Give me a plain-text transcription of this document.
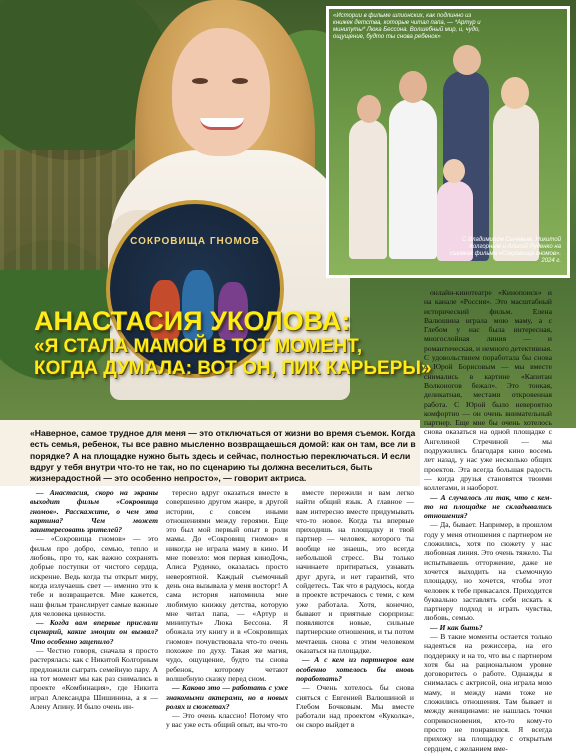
СОКРОВИЩА ГНОМОВ
«Истории в фильме шпионских, как подлинно из книжек детства, которые читал папа, — *Артур и минипуты* Люка Бессона. Волшебный мир, и, чудо, ощущение, будто ты снова ребенок»
С Владимиром Сычевым, Никитой Колгорным и Алисой Руденко на съемках фильма «Сокровища гномов». 2024 г.
АНАСТАСИЯ УКОЛОВА:
«Я СТАЛА МАМОЙ В ТОТ МОМЕНТ,
КОГДА ДУМАЛА: ВОТ ОН, ПИК КАРЬЕРЫ»
«Наверное, самое трудное для меня — это отключаться от жизни во время съемок. Когда есть семья, ребенок, ты все равно мысленно возвращаешься домой: как он там, все ли в порядке? А на площадке нужно быть здесь и сейчас, полностью переключаться. И если вдруг у тебя внутри что-то не так, но по сценарию ты должна веселиться, быть жизнерадостной — это особенно непросто», — говорит актриса.

— Анастасия, скоро на экраны выходит фильм «Сокровища гномов». Расскажите, о чем эта картина? Чем может заинтересовать зрителей?

— «Сокровища гномов» — это фильм про добро, семью, тепло и любовь, про то, как важно сохранять добрые поступки от чистого сердца, искренне. Ведь когда ты открыт миру, когда излучаешь свет — именно это к тебе и возвращается. Мне кажется, наш фильм транслирует самые важные для человека ценности.

— Когда вам впервые прислали сценарий, какие эмоции он вызвал? Что особенно зацепило?

— Честно говоря, сначала я просто растерялась: как с Никитой Колгорным предложили сыграть семейную пару. А на тот момент мы как раз снимались в проекте «Комбинация», где Никита играл Александра Шишинина, а я — Алену Апину. И было очень ин-

тересно вдруг оказаться вместе в совершенно другом жанре, в другой истории, с совсем иными отношениями между героями. Еще это был мой первый опыт в роли мамы. До «Сокровищ гномов» я никогда не играла маму в кино. И мне повезло: моя первая киноДочь, Алиса Руденко, оказалась просто невероятной. Каждый съемочный день она вызывала у меня восторг! А сама история напомнила мне любимую книжку детства, которую мне читал папа, — «Артур и минипуты» Люка Бессона. Я обожала эту книгу и в «Сокровищах гномов» почувствовала что-то очень похожее по духу. Такая же магия, чудо, ощущение, будто ты снова ребенок, которому четают волшебную сказку перед сном.

— Каково это — работать с уже знакомыми актерами, но в новых ролях и сюжетах?

— Это очень классно! Потому что у вас уже есть общий опыт, вы что-то

вместе пережили и вам легко найти общий язык. А главное — вам интересно вместе придумывать что-то новое. Когда ты впервые приходишь на площадку и твой партнер — человек, которого ты вообще не знаешь, это всегда небольшой стресс. Вы только начинаете притираться, узнавать друг друга, и нет гарантий, что сойдетесь. Так что я радуюсь, когда в проекте встречаюсь с теми, с кем уже работала. Хотя, конечно, бывают и приятные сюрпризы: появляются новые, сильные партнерские отношения, и ты потом мечтаешь снова с этим человеком оказаться на площадке.

— А с кем из партнеров вам особенно хотелось бы вновь поработать?

— Очень хотелось бы снова сняться с Евгенией Валюшиной и Глебом Бочковым. Мы вместе работали над проектом «Куколка», он скоро выйдет в

онлайн-кинотеатре «Кинопоиск» и на канале «Россия». Это масштабный исторический фильм. Елена Валюшина играла мою маму, а с Глебом у нас была интересная, многослойная линия — и романтическая, и немного детективная. С удовольствием поработала бы снова с Юрой Борисовым — мы вместе снимались в картине «Капитан Волконогов бежал». Это тонкая, деликатная, местами откровенная работа. С Юрой было невероятно комфортно — он очень внимательный партнер. Еще мне бы очень хотелось снова оказаться на одной площадке с Ангелиной Стречиной — мы подружились благодаря кино восемь лет назад, у нас уже несколько общих проектов. Эта всегда большая радость — когда друзья становятся твоими коллегами, и наоборот.

— А случалось ли так, что с кем-то на площадке не складывались отношения?

— Да, бывает. Например, в прошлом году у меня отношения с партнером не сложились, хотя по сюжету у нас любовная линия. Это очень тяжело. Ты испытываешь отторжение, даже не хочется выходить на съемочную площадку, но хочется, чтобы этот человек к тебе прикасался. Приходится буквально заставлять себя искать к партнеру подход и играть чувства, любовь, семью.

— И как быть?

— В такие моменты остается только надеяться на режиссера, на его поддержку и на то, что вы с партнером хотя бы на рациональном уровне договоритесь о работе. Однажды я снималась с актрисой, она играла мою маму, и между нами тоже не сложились отношения. Там бывает и между женщинами: не нашлась точки соприкосновения, кто-то кому-то просто не понравился. Я всегда прихожу на площадку с открытым сердцем, с желанием вме-
